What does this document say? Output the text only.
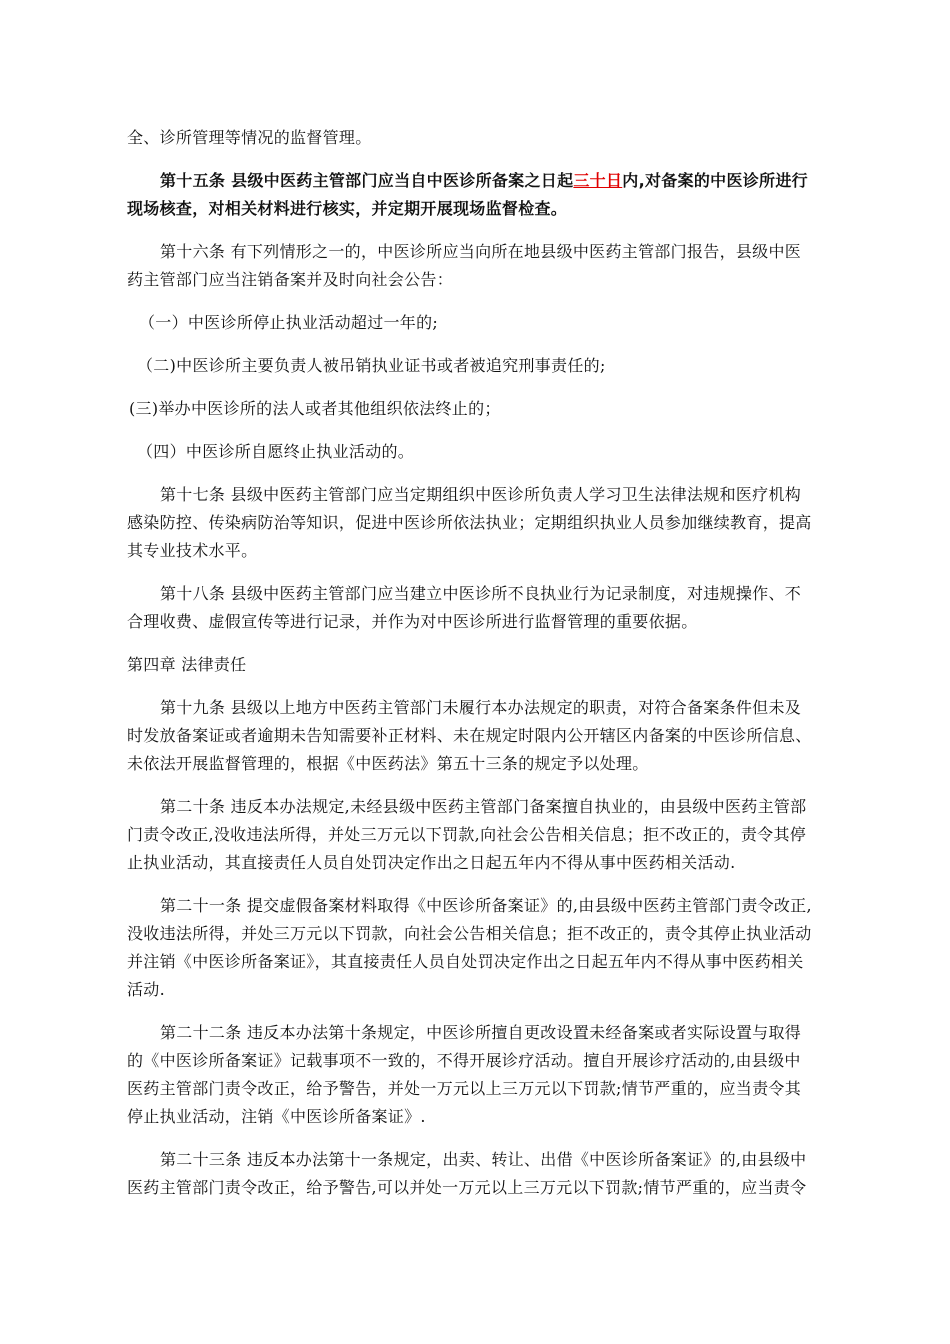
全、诊所管理等情况的监督管理。
第十五条 县级中医药主管部门应当自中医诊所备案之日起三十日内,对备案的中医诊所进行
现场核查，对相关材料进行核实，并定期开展现场监督检查。
第十六条 有下列情形之一的，中医诊所应当向所在地县级中医药主管部门报告，县级中医
药主管部门应当注销备案并及时向社会公告：
（一）中医诊所停止执业活动超过一年的;
（二)中医诊所主要负责人被吊销执业证书或者被追究刑事责任的;
(三)举办中医诊所的法人或者其他组织依法终止的；
（四）中医诊所自愿终止执业活动的。
第十七条 县级中医药主管部门应当定期组织中医诊所负责人学习卫生法律法规和医疗机构
感染防控、传染病防治等知识，促进中医诊所依法执业；定期组织执业人员参加继续教育，提高
其专业技术水平。
第十八条 县级中医药主管部门应当建立中医诊所不良执业行为记录制度，对违规操作、不
合理收费、虚假宣传等进行记录，并作为对中医诊所进行监督管理的重要依据。
第四章 法律责任
第十九条 县级以上地方中医药主管部门未履行本办法规定的职责，对符合备案条件但未及
时发放备案证或者逾期未告知需要补正材料、未在规定时限内公开辖区内备案的中医诊所信息、
未依法开展监督管理的，根据《中医药法》第五十三条的规定予以处理。
第二十条 违反本办法规定,未经县级中医药主管部门备案擅自执业的，由县级中医药主管部
门责令改正,没收违法所得，并处三万元以下罚款,向社会公告相关信息；拒不改正的，责令其停
止执业活动，其直接责任人员自处罚决定作出之日起五年内不得从事中医药相关活动.
第二十一条 提交虚假备案材料取得《中医诊所备案证》的,由县级中医药主管部门责令改正,
没收违法所得，并处三万元以下罚款，向社会公告相关信息；拒不改正的，责令其停止执业活动
并注销《中医诊所备案证》，其直接责任人员自处罚决定作出之日起五年内不得从事中医药相关
活动.
第二十二条 违反本办法第十条规定，中医诊所擅自更改设置未经备案或者实际设置与取得
的《中医诊所备案证》记载事项不一致的，不得开展诊疗活动。擅自开展诊疗活动的,由县级中
医药主管部门责令改正，给予警告，并处一万元以上三万元以下罚款;情节严重的，应当责令其
停止执业活动，注销《中医诊所备案证》.
第二十三条 违反本办法第十一条规定，出卖、转让、出借《中医诊所备案证》的,由县级中
医药主管部门责令改正，给予警告,可以并处一万元以上三万元以下罚款;情节严重的，应当责令
